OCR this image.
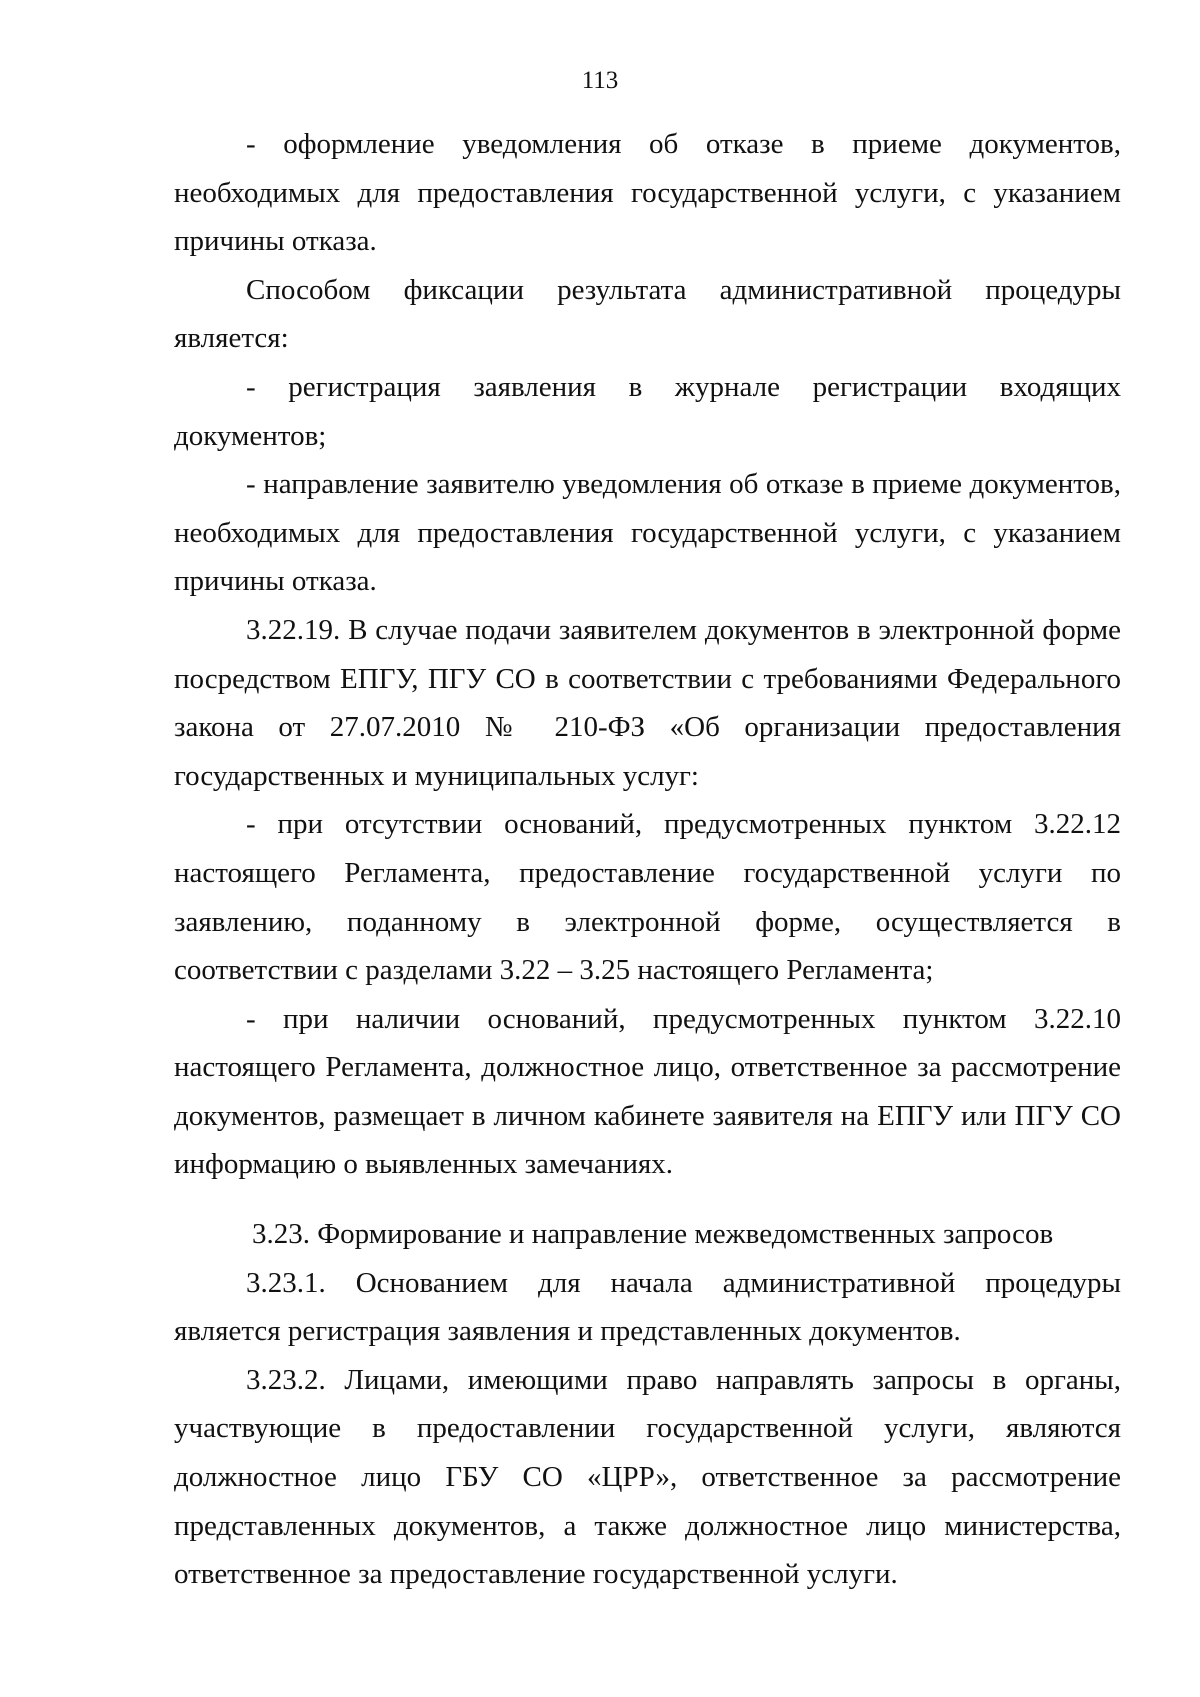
113

- оформление уведомления об отказе в приеме документов, необходимых для предоставления государственной услуги, с указанием причины отказа.

Способом фиксации результата административной процедуры является:

- регистрация заявления в журнале регистрации входящих документов;

- направление заявителю уведомления об отказе в приеме документов, необходимых для предоставления государственной услуги, с указанием причины отказа.

3.22.19. В случае подачи заявителем документов в электронной форме посредством ЕПГУ, ПГУ СО в соответствии с требованиями Федерального закона от 27.07.2010 № 210-ФЗ «Об организации предоставления государственных и муниципальных услуг:

- при отсутствии оснований, предусмотренных пунктом 3.22.12 настоящего Регламента, предоставление государственной услуги по заявлению, поданному в электронной форме, осуществляется в соответствии с разделами 3.22 – 3.25 настоящего Регламента;

- при наличии оснований, предусмотренных пунктом 3.22.10 настоящего Регламента, должностное лицо, ответственное за рассмотрение документов, размещает в личном кабинете заявителя на ЕПГУ или ПГУ СО информацию о выявленных замечаниях.

3.23. Формирование и направление межведомственных запросов

3.23.1. Основанием для начала административной процедуры является регистрация заявления и представленных документов.

3.23.2. Лицами, имеющими право направлять запросы в органы, участвующие в предоставлении государственной услуги, являются должностное лицо ГБУ СО «ЦРР», ответственное за рассмотрение представленных документов, а также должностное лицо министерства, ответственное за предоставление государственной услуги.
